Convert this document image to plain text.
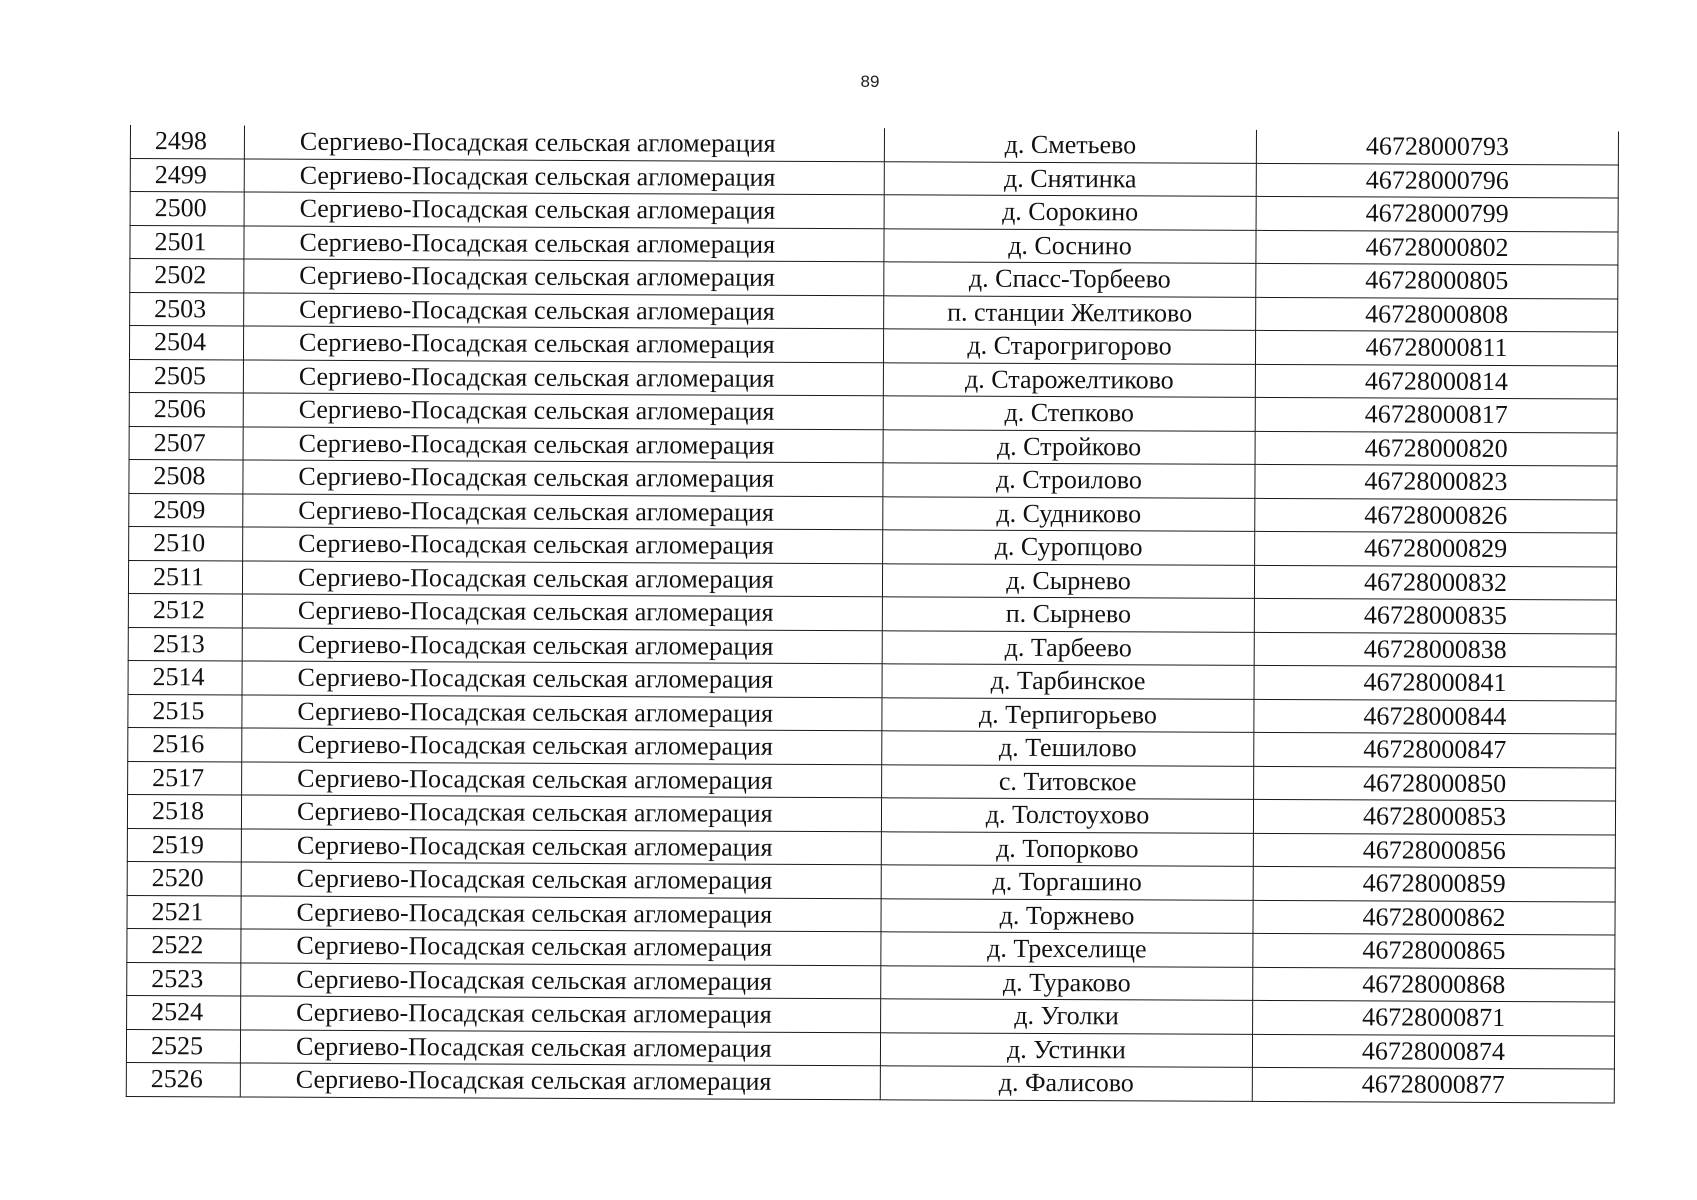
89
2498	Сергиево-Посадская сельская агломерация	д. Сметьево	46728000793
2499	Сергиево-Посадская сельская агломерация	д. Снятинка	46728000796
2500	Сергиево-Посадская сельская агломерация	д. Сорокино	46728000799
2501	Сергиево-Посадская сельская агломерация	д. Соснино	46728000802
2502	Сергиево-Посадская сельская агломерация	д. Спасс-Торбеево	46728000805
2503	Сергиево-Посадская сельская агломерация	п. станции Желтиково	46728000808
2504	Сергиево-Посадская сельская агломерация	д. Старогригорово	46728000811
2505	Сергиево-Посадская сельская агломерация	д. Старожелтиково	46728000814
2506	Сергиево-Посадская сельская агломерация	д. Степково	46728000817
2507	Сергиево-Посадская сельская агломерация	д. Стройково	46728000820
2508	Сергиево-Посадская сельская агломерация	д. Строилово	46728000823
2509	Сергиево-Посадская сельская агломерация	д. Судниково	46728000826
2510	Сергиево-Посадская сельская агломерация	д. Суропцово	46728000829
2511	Сергиево-Посадская сельская агломерация	д. Сырнево	46728000832
2512	Сергиево-Посадская сельская агломерация	п. Сырнево	46728000835
2513	Сергиево-Посадская сельская агломерация	д. Тарбеево	46728000838
2514	Сергиево-Посадская сельская агломерация	д. Тарбинское	46728000841
2515	Сергиево-Посадская сельская агломерация	д. Терпигорьево	46728000844
2516	Сергиево-Посадская сельская агломерация	д. Тешилово	46728000847
2517	Сергиево-Посадская сельская агломерация	с. Титовское	46728000850
2518	Сергиево-Посадская сельская агломерация	д. Толстоухово	46728000853
2519	Сергиево-Посадская сельская агломерация	д. Топорково	46728000856
2520	Сергиево-Посадская сельская агломерация	д. Торгашино	46728000859
2521	Сергиево-Посадская сельская агломерация	д. Торжнево	46728000862
2522	Сергиево-Посадская сельская агломерация	д. Трехселище	46728000865
2523	Сергиево-Посадская сельская агломерация	д. Тураково	46728000868
2524	Сергиево-Посадская сельская агломерация	д. Уголки	46728000871
2525	Сергиево-Посадская сельская агломерация	д. Устинки	46728000874
2526	Сергиево-Посадская сельская агломерация	д. Фалисово	46728000877
